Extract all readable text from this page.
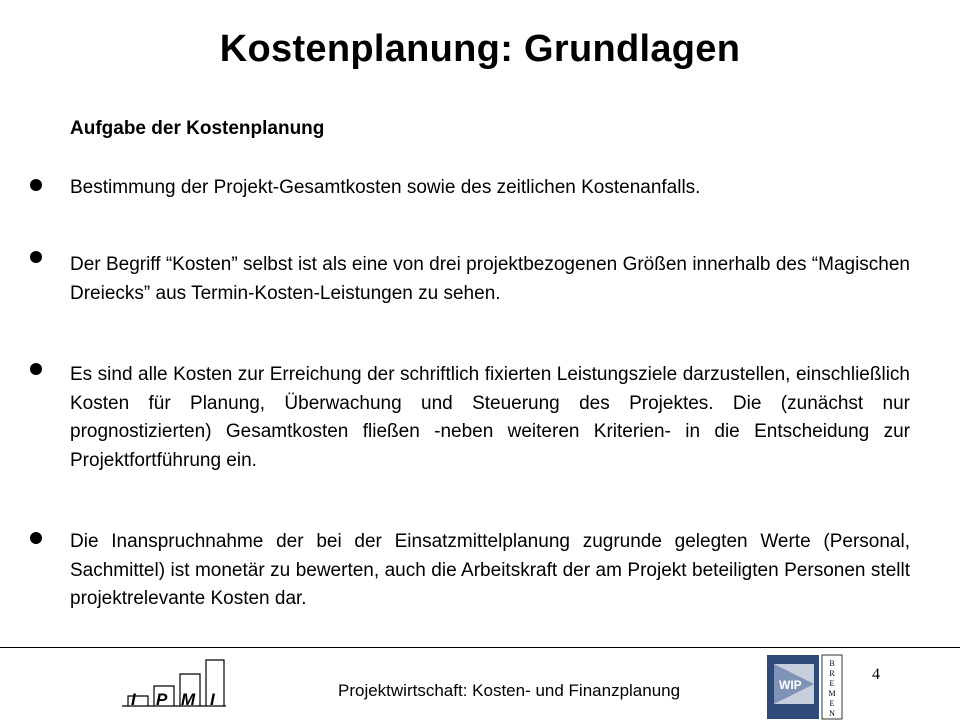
Kostenplanung: Grundlagen
Aufgabe der Kostenplanung
Bestimmung der Projekt-Gesamtkosten sowie des zeitlichen Kostenanfalls.
Der Begriff “Kosten” selbst ist als eine von drei projektbezogenen Größen innerhalb des “Magischen Dreiecks” aus Termin-Kosten-Leistungen zu sehen.
Es sind alle Kosten zur Erreichung der schriftlich fixierten Leistungsziele darzustellen, einschließlich Kosten für Planung, Überwachung und Steuerung des Projektes. Die (zunächst nur prognostizierten) Gesamtkosten fließen -neben weiteren Kriterien- in die Entscheidung zur Projektfortführung ein.
Die Inanspruchnahme der bei der Einsatzmittelplanung zugrunde gelegten Werte (Personal, Sachmittel) ist monetär zu bewerten, auch die Arbeitskraft der am Projekt beteiligten Personen stellt projektrelevante Kosten dar.
I P M I	Projektwirtschaft: Kosten- und Finanzplanung	WIP
B
R
E
M
E
N
4
